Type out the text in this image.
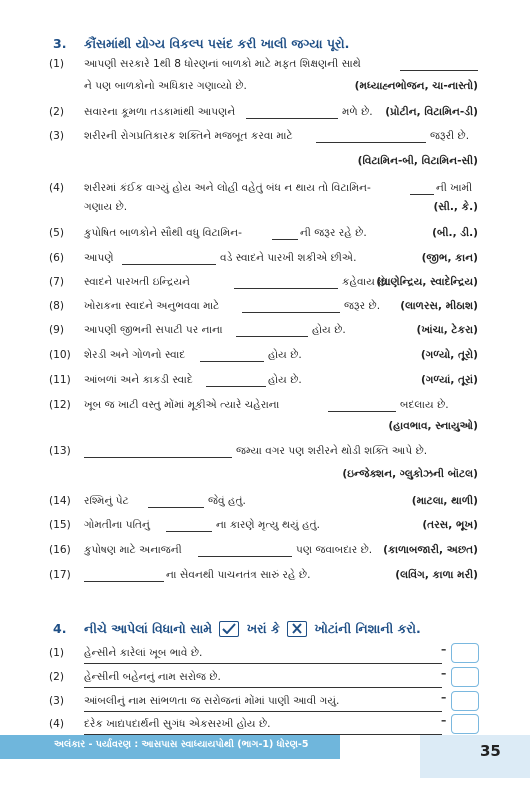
3. કૌંસમાંથી યોગ્ય વિકલ્પ પસંદ કરી ખાલી જગ્યા પૂરો.
(1) આપણી સરકારે 1થી 8 ધોરણનાં બાળકો માટે મફત શિક્ષણની સાથે
ને પણ બાળકોનો અધિકાર ગણાવ્યો છે.	(મધ્યાહ્નભોજન, ચા-નાસ્તો)
(2) સવારના કૂમળા તડકામાંથી આપણને	મળે છે. (પ્રોટીન, વિટામિન-ડી)
(3) શરીરની રોગપ્રતિકારક શક્તિને મજબૂત કરવા માટે	જરૂરી છે.
(વિટામિન-બી, વિટામિન-સી)
(4) શરીરમાં કંઈક વાગ્યું હોય અને લોહી વહેતું બંધ ન થાય તો વિટામિન-	ની ખામી
ગણાય છે.	(સી., કે.)
(5) કુપોષિત બાળકોને સૌથી વધુ વિટામિન-	ની જરૂર રહે છે.	(બી., ડી.)
(6) આપણે	વડે સ્વાદને પારખી શકીએ છીએ.	(જીભ, કાન)
(7) સ્વાદને પારખતી ઇન્દ્રિયને	કહેવાય છે.
(ઘ્રાણેન્દ્રિય, સ્વાદેન્દ્રિય)
(8) ખોરાકના સ્વાદને અનુભવવા માટે	જરૂર છે. (લાળરસ, મીઠાશ)
(9) આપણી જીભની સપાટી પર નાના	હોય છે.	(ખાંચા, ટેકરા)
(10) શેરડી અને ગોળનો સ્વાદ	હોય છે.	(ગળ્યો, તૂરો)
(11) આંબળાં અને કાકડી સ્વાદે	હોય છે.	(ગળ્યાં, તૂરાં)
(12) ખૂબ જ ખાટી વસ્તુ મોંમાં મૂકીએ ત્યારે ચહેરાના	બદલાય છે.
(હાવભાવ, સ્નાયુઓ)
(13)	જમ્યા વગર પણ શરીરને થોડી શક્તિ આપે છે.
(ઇન્જેક્શન, ગ્લુકોઝની બૉટલ)
(14) રશ્મિનું પેટ	જેવું હતું.	(માટલા, થાળી)
(15) ગોમતીના પતિનું	ના કારણે મૃત્યુ થયું હતું.	(તરસ, ભૂખ)
(16) કુપોષણ માટે અનાજની	પણ જવાબદાર છે. (કાળાબજારી, અછત)
(17)	ના સેવનથી પાચનતંત્ર સારું રહે છે.	(લવિંગ, કાળા મરી)
4. નીચે આપેલાં વિધાનો સામે	ખરાં કે	ખોટાંની નિશાની કરો.
(1) હેન્સીને કારેલાં ખૂબ ભાવે છે.	–
(2) હેન્સીની બહેનનું નામ સરોજ છે.	–
(3) આંબલીનું નામ સાંભળતા જ સરોજનાં મોંમાં પાણી આવી ગયું.	–
(4) દરેક ખાદ્યપદાર્થની સુગંધ એકસરખી હોય છે.	–
અલંકાર - પર્યાવરણ : આસપાસ સ્વાધ્યાયપોથી (ભાગ-1) ધોરણ-5	35
